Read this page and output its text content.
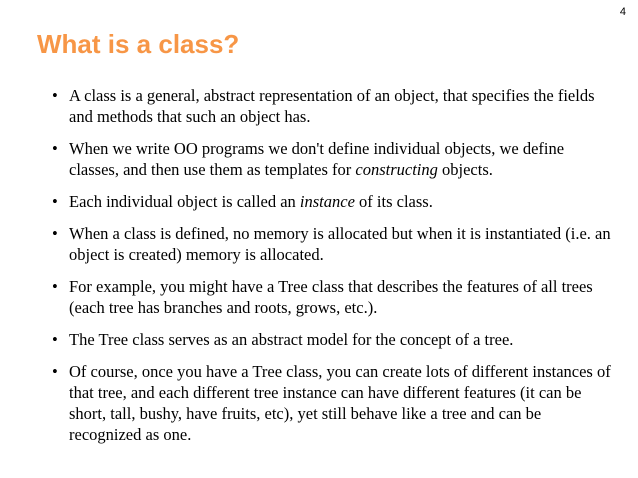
4
What is a class?
• A class is a general, abstract representation of an object, that specifies the fields and methods that such an object has.
• When we write OO programs we don't define individual objects, we define classes, and then use them as templates for constructing objects.
• Each individual object is called an instance of its class.
• When a class is defined, no memory is allocated but when it is instantiated (i.e. an object is created) memory is allocated.
• For example, you might have a Tree class that describes the features of all trees (each tree has branches and roots, grows, etc.).
• The Tree class serves as an abstract model for the concept of a tree.
• Of course, once you have a Tree class, you can create lots of different instances of that tree, and each different tree instance can have different features (it can be short, tall, bushy, have fruits, etc), yet still behave like a tree and can be recognized as one.
